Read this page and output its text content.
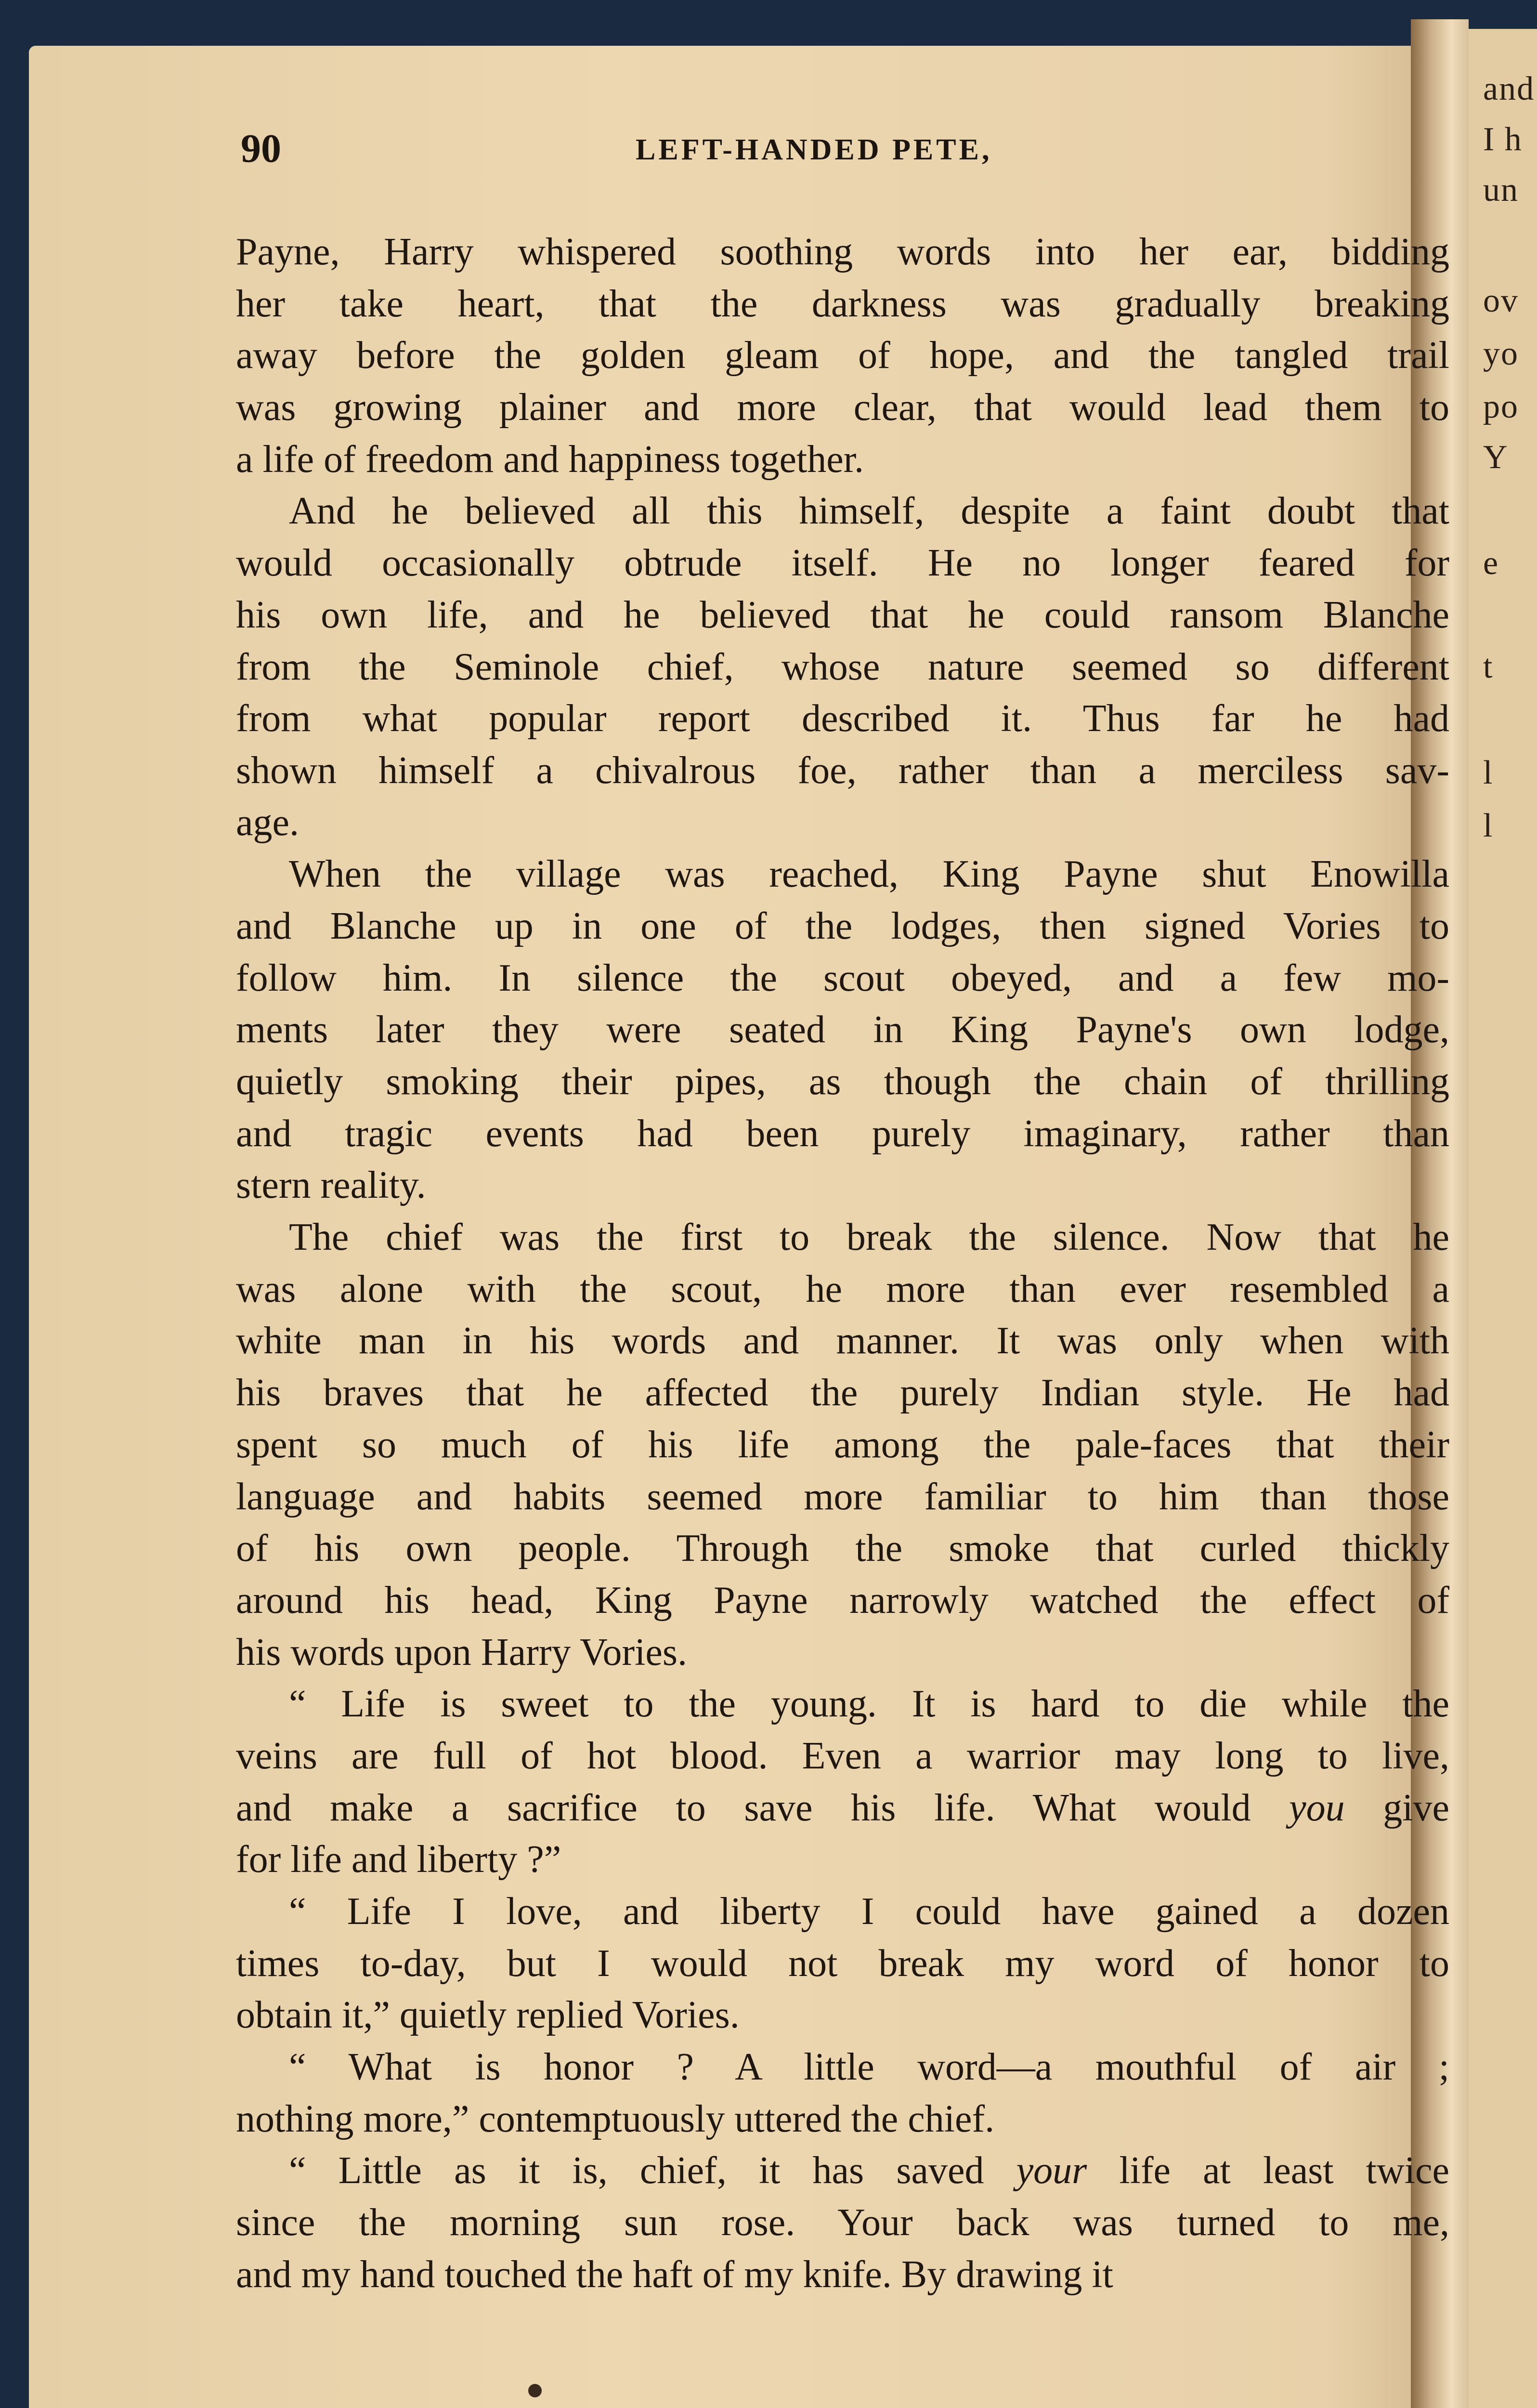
and
I h
un
ov
yo
po
Y
e
t
l
l
90	LEFT-HANDED PETE,
Payne, Harry whispered soothing words into her ear, bidding
her take heart, that the darkness was gradually breaking
away before the golden gleam of hope, and the tangled trail
was growing plainer and more clear, that would lead them to
a life of freedom and happiness together.
And he believed all this himself, despite a faint doubt that
would occasionally obtrude itself. He no longer feared for
his own life, and he believed that he could ransom Blanche
from the Seminole chief, whose nature seemed so different
from what popular report described it. Thus far he had
shown himself a chivalrous foe, rather than a merciless sav-
age.
When the village was reached, King Payne shut Enowilla
and Blanche up in one of the lodges, then signed Vories to
follow him. In silence the scout obeyed, and a few mo-
ments later they were seated in King Payne's own lodge,
quietly smoking their pipes, as though the chain of thrilling
and tragic events had been purely imaginary, rather than
stern reality.
The chief was the first to break the silence. Now that he
was alone with the scout, he more than ever resembled a
white man in his words and manner. It was only when with
his braves that he affected the purely Indian style. He had
spent so much of his life among the pale-faces that their
language and habits seemed more familiar to him than those
of his own people. Through the smoke that curled thickly
around his head, King Payne narrowly watched the effect of
his words upon Harry Vories.
“ Life is sweet to the young. It is hard to die while the
veins are full of hot blood. Even a warrior may long to live,
and make a sacrifice to save his life. What would you give
for life and liberty ?”
“ Life I love, and liberty I could have gained a dozen
times to-day, but I would not break my word of honor to
obtain it,” quietly replied Vories.
“ What is honor ? A little word—a mouthful of air ;
nothing more,” contemptuously uttered the chief.
“ Little as it is, chief, it has saved your life at least twice
since the morning sun rose. Your back was turned to me,
and my hand touched the haft of my knife. By drawing it
